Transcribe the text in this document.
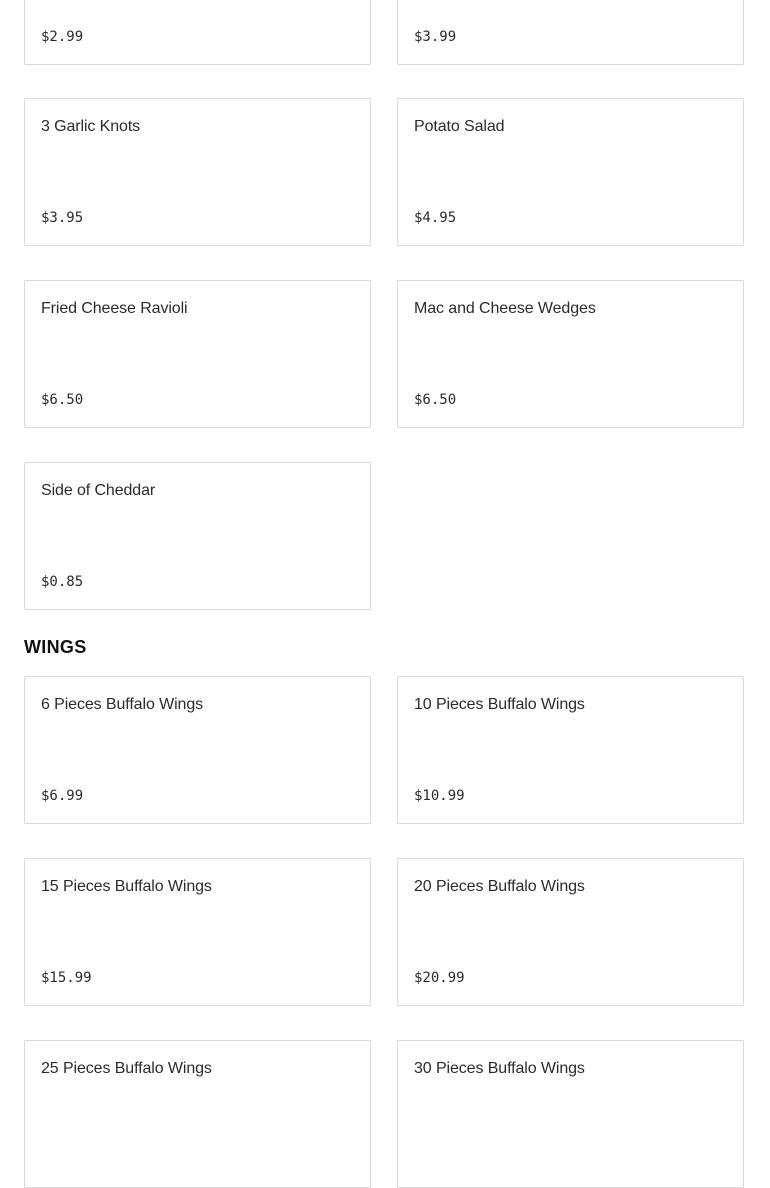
$2.99	$3.99
3 Garlic Knots
$3.95
Potato Salad
$4.95
Fried Cheese Ravioli
$6.50
Mac and Cheese Wedges
$6.50
Side of Cheddar
$0.85
WINGS
6 Pieces Buffalo Wings
$6.99
10 Pieces Buffalo Wings
$10.99
15 Pieces Buffalo Wings
$15.99
20 Pieces Buffalo Wings
$20.99
25 Pieces Buffalo Wings	30 Pieces Buffalo Wings
